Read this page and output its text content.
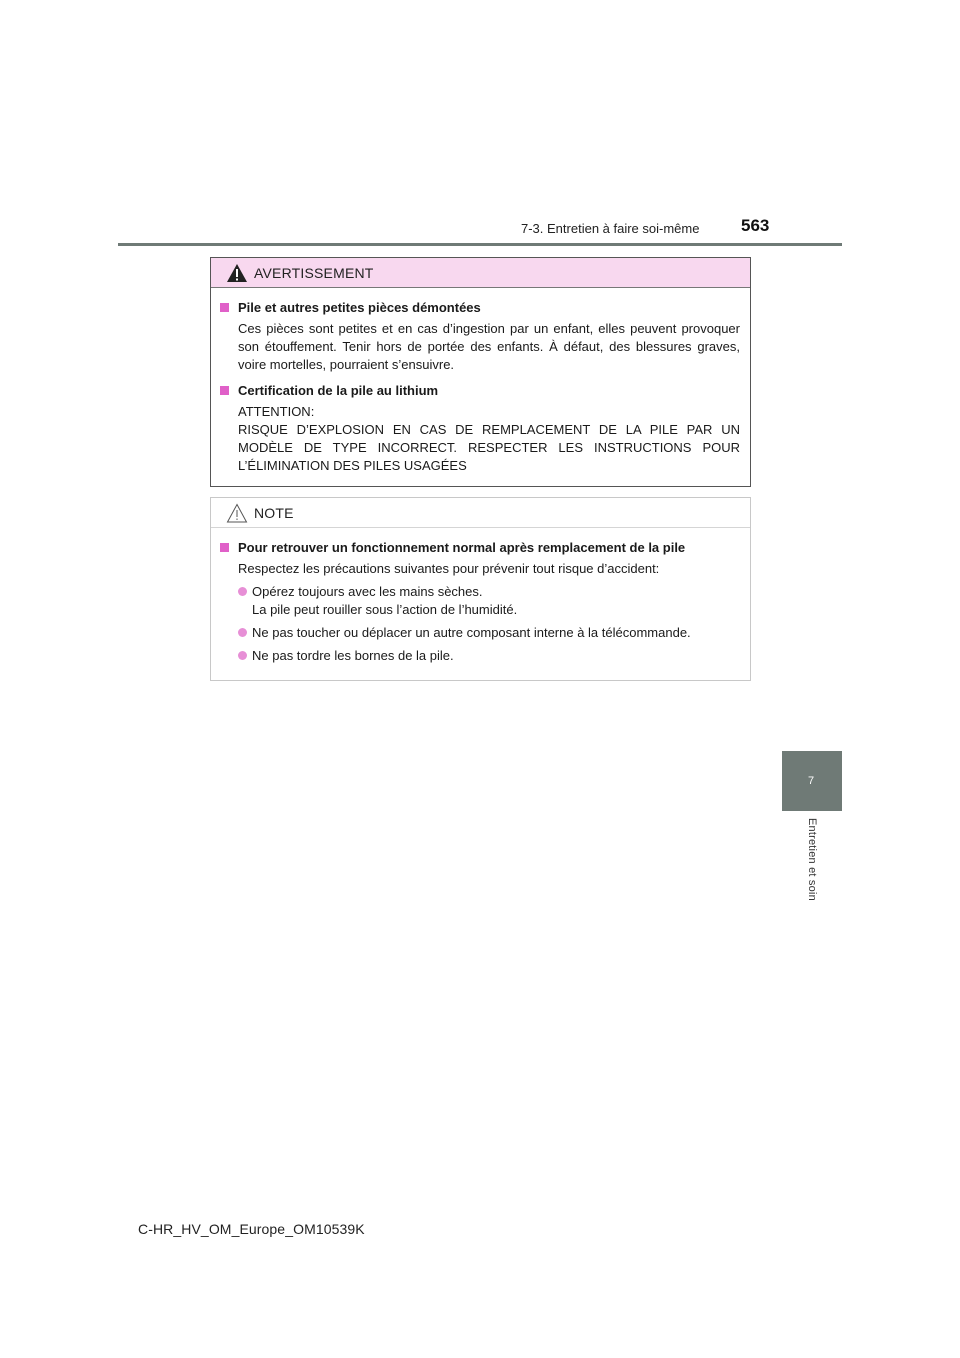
7-3. Entretien à faire soi-même 563
7
Entretien et soin
AVERTISSEMENT

Pile et autres petites pièces démontées

Ces pièces sont petites et en cas d’ingestion par un enfant, elles peuvent provoquer son étouffement. Tenir hors de portée des enfants. À défaut, des blessures graves, voire mortelles, pourraient s’ensuivre.

Certification de la pile au lithium

ATTENTION:

RISQUE D’EXPLOSION EN CAS DE REMPLACEMENT DE LA PILE PAR UN MODÈLE DE TYPE INCORRECT. RESPECTER LES INSTRUCTIONS POUR L’ÉLIMINATION DES PILES USAGÉES

NOTE

Pour retrouver un fonctionnement normal après remplacement de la pile

Respectez les précautions suivantes pour prévenir tout risque d’accident:

Opérez toujours avec les mains sèches.
La pile peut rouiller sous l’action de l’humidité.
Ne pas toucher ou déplacer un autre composant interne à la télécommande.
Ne pas tordre les bornes de la pile.
C-HR_HV_OM_Europe_OM10539K
